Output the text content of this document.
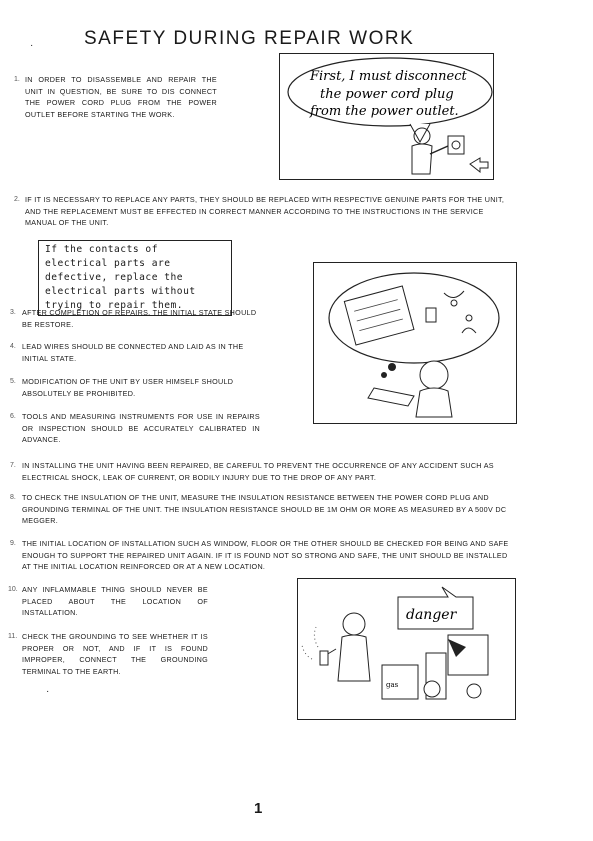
·	SAFETY DURING REPAIR WORK
1. IN ORDER TO DISASSEMBLE AND REPAIR THE UNIT IN QUESTION, BE SURE TO DIS CONNECT THE POWER CORD PLUG FROM THE POWER OUTLET BEFORE STARTING THE WORK.
First, I must disconnect
the power cord plug
from the power outlet.
2. IF IT IS NECESSARY TO REPLACE ANY PARTS, THEY SHOULD BE REPLACED WITH RESPECTIVE GENUINE PARTS FOR THE UNIT, AND THE REPLACEMENT MUST BE EFFECTED IN CORRECT MANNER ACCORDING TO THE INSTRUCTIONS IN THE SERVICE MANUAL OF THE UNIT.
If the contacts of electrical parts are defective, replace the electrical parts without trying to repair them.
3. AFTER COMPLETION OF REPAIRS, THE INITIAL STATE SHOULD BE RESTORE.
4. LEAD WIRES SHOULD BE CONNECTED AND LAID AS IN THE INITIAL STATE.
5. MODIFICATION OF THE UNIT BY USER HIMSELF SHOULD ABSOLUTELY BE PROHIBITED.
6. TOOLS AND MEASURING INSTRUMENTS FOR USE IN REPAIRS OR INSPECTION SHOULD BE ACCURATELY CALIBRATED IN ADVANCE.
7. IN INSTALLING THE UNIT HAVING BEEN REPAIRED, BE CAREFUL TO PREVENT THE OCCURRENCE OF ANY ACCIDENT SUCH AS ELECTRICAL SHOCK, LEAK OF CURRENT, OR BODILY INJURY DUE TO THE DROP OF ANY PART.
8. TO CHECK THE INSULATION OF THE UNIT, MEASURE THE INSULATION RESISTANCE BETWEEN THE POWER CORD PLUG AND GROUNDING TERMINAL OF THE UNIT. THE INSULATION RESISTANCE SHOULD BE 1M OHM OR MORE AS MEASURED BY A 500V DC MEGGER.
9. THE INITIAL LOCATION OF INSTALLATION SUCH AS WINDOW, FLOOR OR THE OTHER SHOULD BE CHECKED FOR BEING AND SAFE ENOUGH TO SUPPORT THE REPAIRED UNIT AGAIN. IF IT IS FOUND NOT SO STRONG AND SAFE, THE UNIT SHOULD BE INSTALLED AT THE INITIAL LOCATION REINFORCED OR AT A NEW LOCATION.
10. ANY INFLAMMABLE THING SHOULD NEVER BE PLACED ABOUT THE LOCATION OF INSTALLATION.
11. CHECK THE GROUNDING TO SEE WHETHER IT IS PROPER OR NOT, AND IF IT IS FOUND IMPROPER, CONNECT THE GROUNDING TERMINAL TO THE EARTH.
danger
gas
·
1
